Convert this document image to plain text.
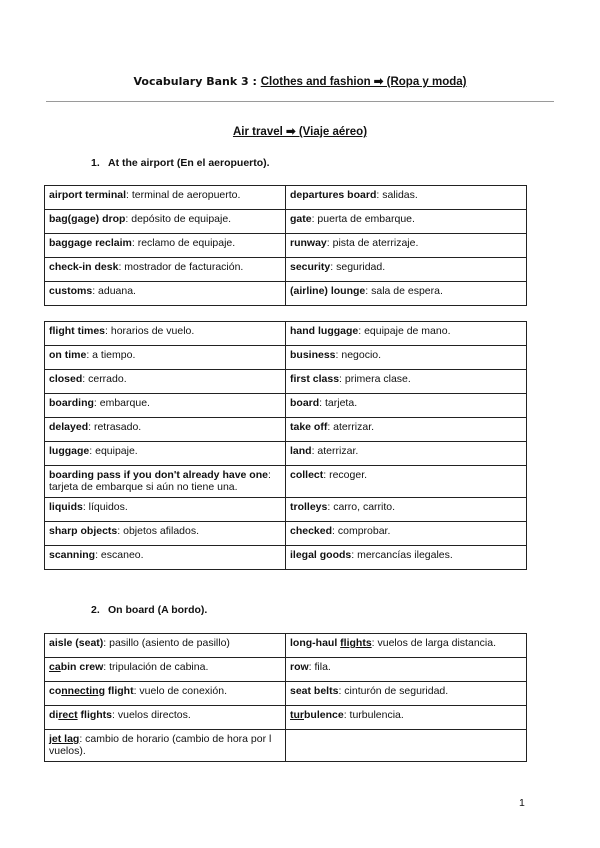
Vocabulary Bank 3 : Clothes and fashion ➡ (Ropa y moda)
Air travel ➡ (Viaje aéreo)
1. At the airport (En el aeropuerto).
airport terminal: terminal de aeropuerto.	departures board: salidas.
bag(gage) drop: depósito de equipaje.	gate: puerta de embarque.
baggage reclaim: reclamo de equipaje.	runway: pista de aterrizaje.
check-in desk: mostrador de facturación.	security: seguridad.
customs: aduana.	(airline) lounge: sala de espera.
flight times: horarios de vuelo.	hand luggage: equipaje de mano.
on time: a tiempo.	business: negocio.
closed: cerrado.	first class: primera clase.
boarding: embarque.	board: tarjeta.
delayed: retrasado.	take off: aterrizar.
luggage: equipaje.	land: aterrizar.
boarding pass if you don't already have one: tarjeta de embarque si aún no tiene una.	collect: recoger.
liquids: líquidos.	trolleys: carro, carrito.
sharp objects: objetos afilados.	checked: comprobar.
scanning: escaneo.	ilegal goods: mercancías ilegales.
2. On board (A bordo).
aisle (seat): pasillo (asiento de pasillo)	long-haul flights: vuelos de larga distancia.
cabin crew: tripulación de cabina.	row: fila.
connecting flight: vuelo de conexión.	seat belts: cinturón de seguridad.
direct flights: vuelos directos.	turbulence: turbulencia.
jet lag: cambio de horario (cambio de hora por l vuelos).	
1
